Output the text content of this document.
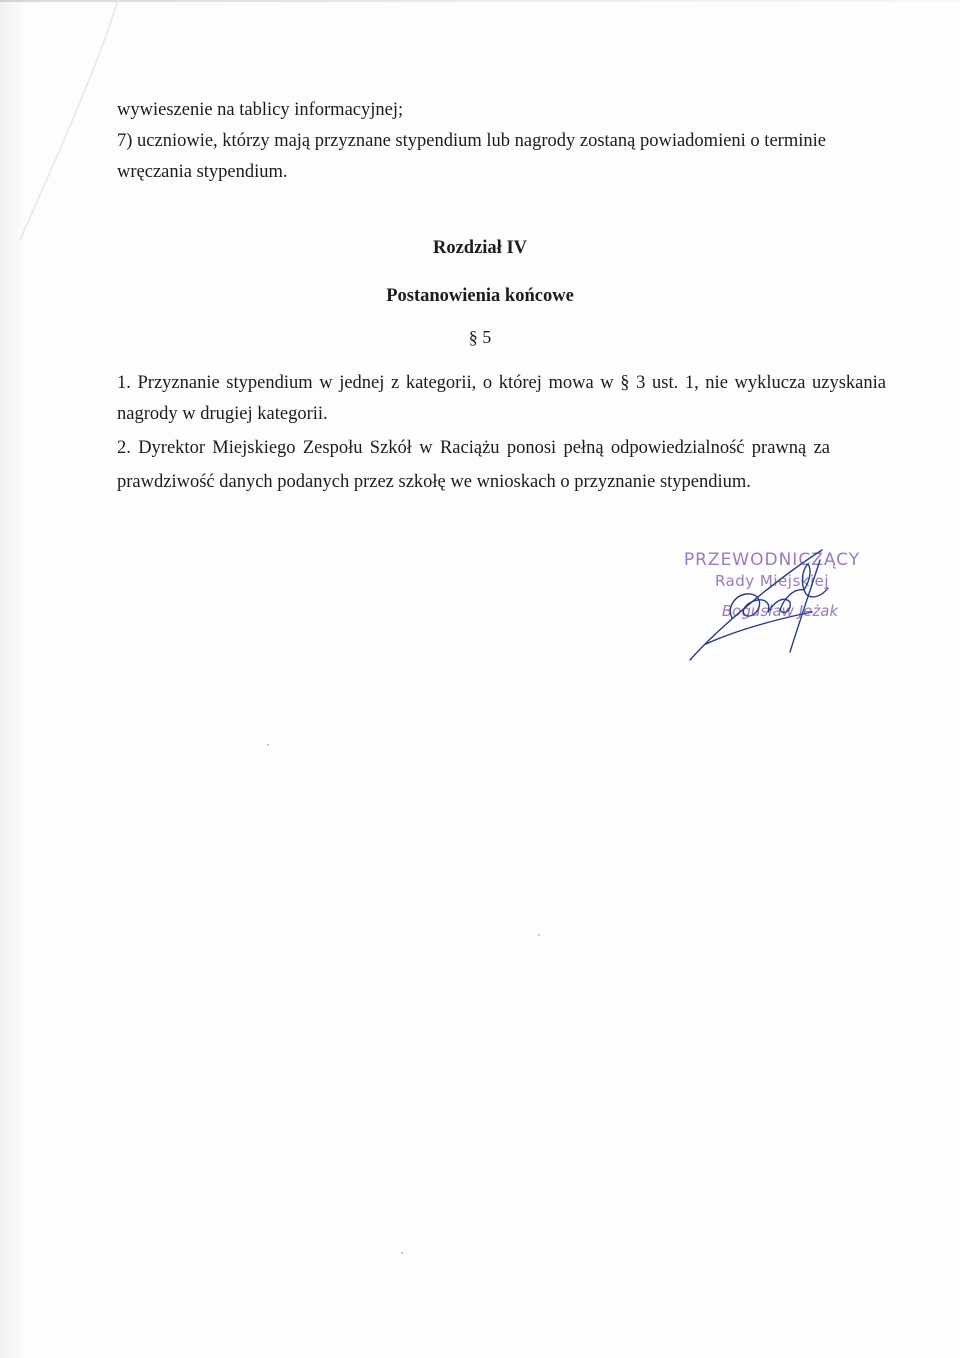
wywieszenie na tablicy informacyjnej;
7) uczniowie, którzy mają przyznane stypendium lub nagrody zostaną powiadomieni o terminie
wręczania stypendium.
Rozdział IV
Postanowienia końcowe
§ 5
1. Przyznanie stypendium w jednej z kategorii, o której mowa w § 3 ust. 1, nie wyklucza uzyskania
nagrody w drugiej kategorii.
2. Dyrektor Miejskiego Zespołu Szkół w Raciążu ponosi pełną odpowiedzialność prawną za
prawdziwość danych podanych przez szkołę we wnioskach o przyznanie stypendium.
PRZEWODNICZĄCY
Rady Miejskiej
Bogusław Jeżak
